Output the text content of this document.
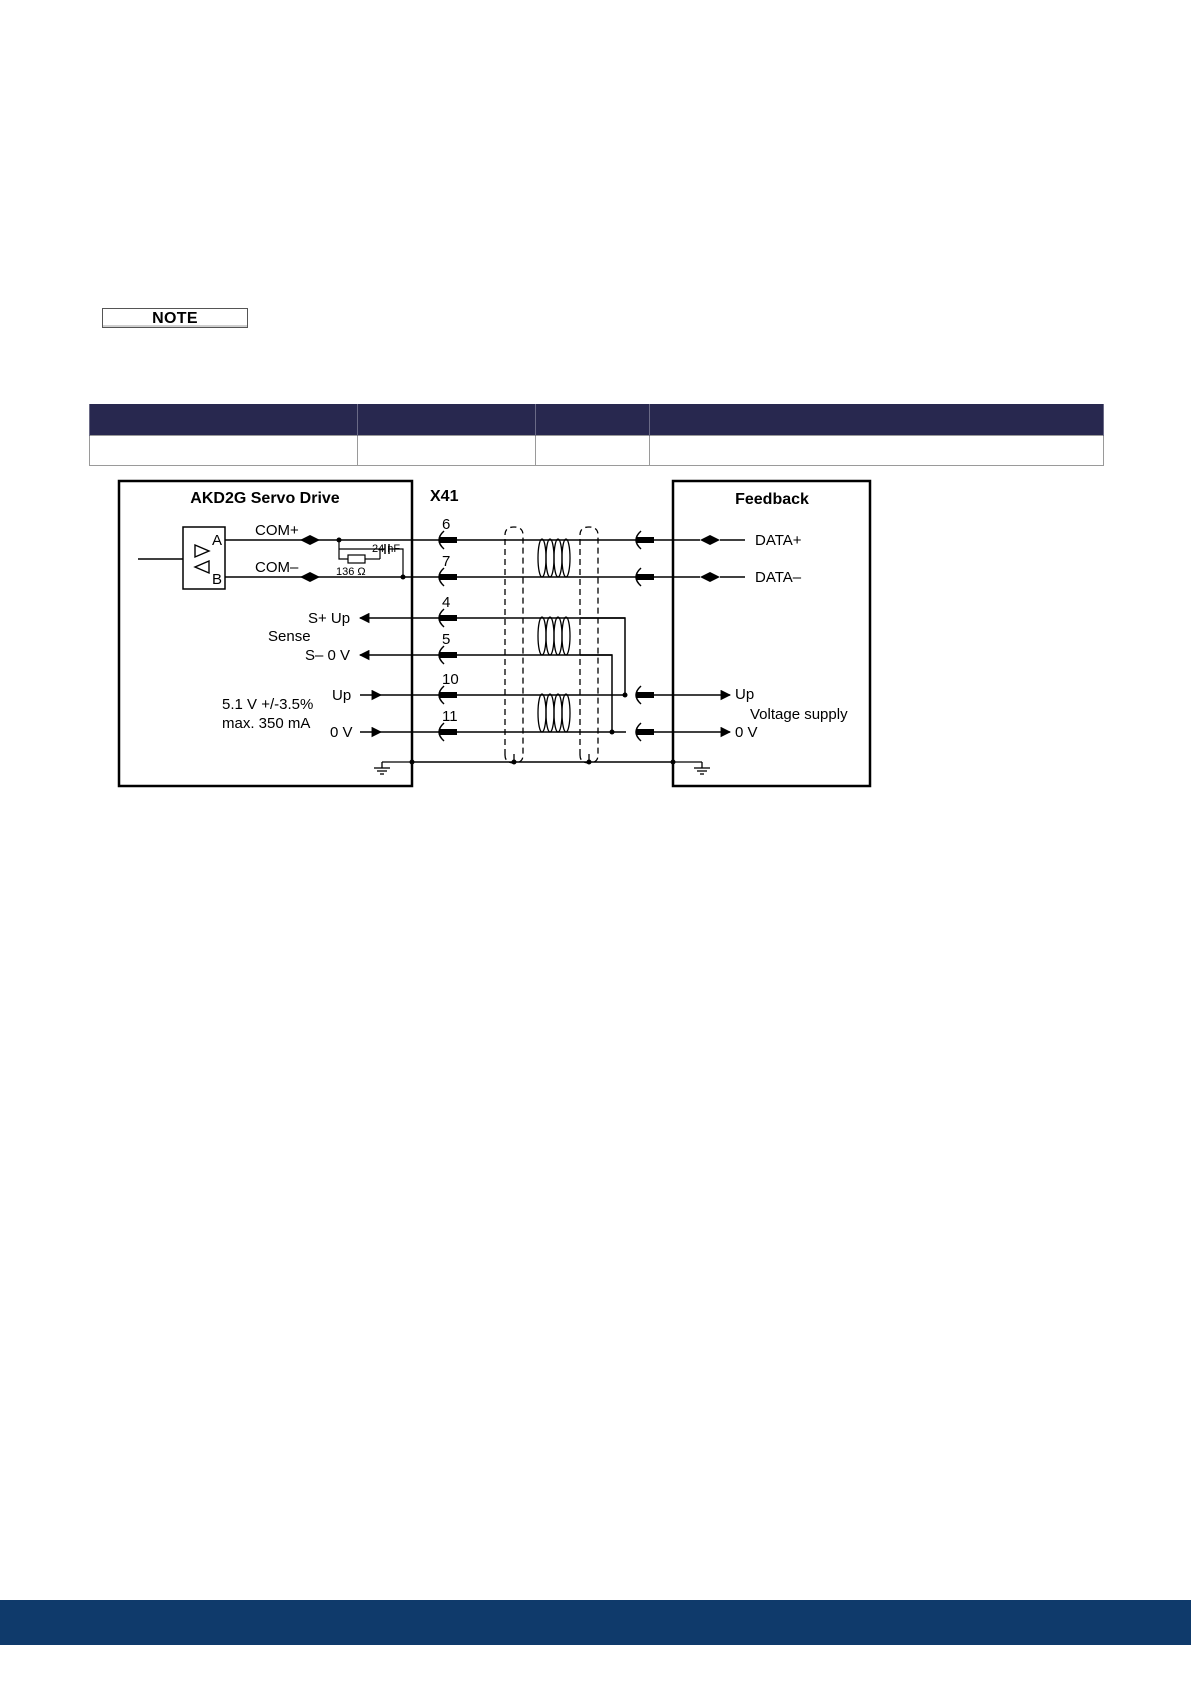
NOTE

AKD2G Servo Drive	Feedback
X41
A
B
COM+
COM–
24 nF
136 Ω
S+ Up
Sense
S– 0 V
Up
0 V
5.1 V +/-3.5%
max. 350 mA
6
7
4
5
10
11
DATA+
DATA–
Up
Voltage supply
0 V
